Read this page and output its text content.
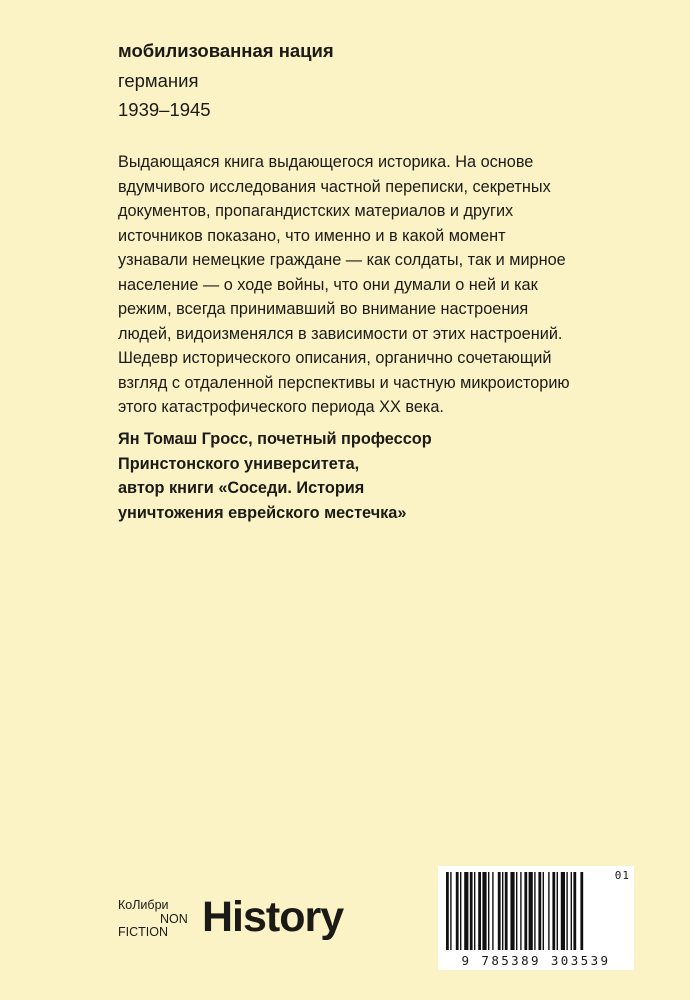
мобилизованная нация
германия
1939–1945
Выдающаяся книга выдающегося историка. На основе
вдумчивого исследования частной переписки, секретных
документов, пропагандистских материалов и других
источников показано, что именно и в какой момент
узнавали немецкие граждане — как солдаты, так и мирное
население — о ходе войны, что они думали о ней и как
режим, всегда принимавший во внимание настроения
людей, видоизменялся в зависимости от этих настроений.
Шедевр исторического описания, органично сочетающий
взгляд с отдаленной перспективы и частную микроисторию
этого катастрофического периода XX века.
Ян Томаш Гросс, почетный профессор
Принстонского университета,
автор книги «Соседи. История
уничтожения еврейского местечка»
КоЛибри
NON
FICTION History
01
9 785389 303539
